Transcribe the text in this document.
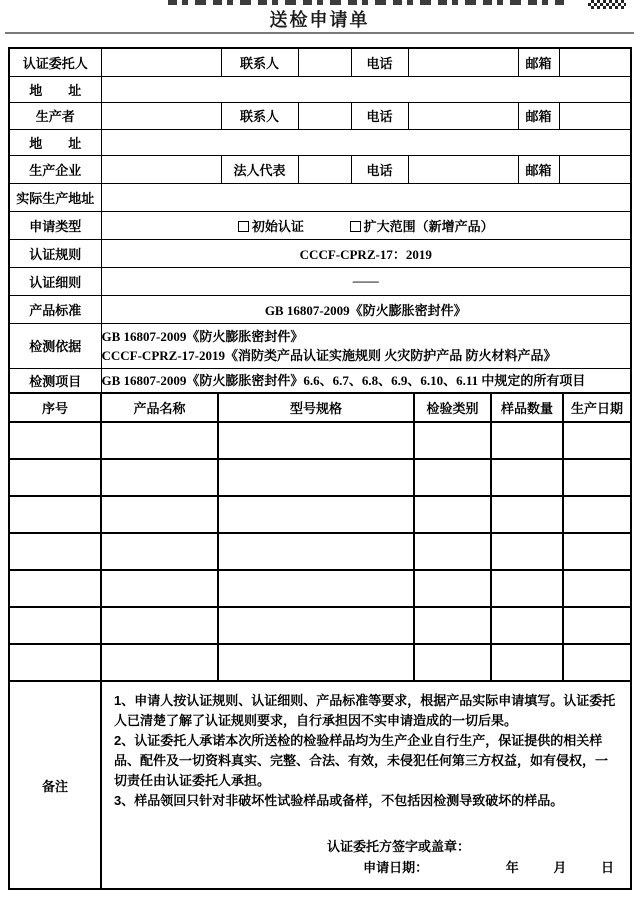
送检申请单
认证委托人		联系人		电话		邮箱	
地　　址							
生产者		联系人		电话		邮箱	
地　　址							
生产企业		法人代表		电话		邮箱	
实际生产地址							
申请类型	初始认证 扩大范围（新增产品）						
认证规则	CCCF-CPRZ-17：2019						
认证细则	——						
产品标准	GB 16807-2009《防火膨胀密封件》						
检测依据	GB 16807-2009《防火膨胀密封件》
CCCF-CPRZ-17-2019《消防类产品认证实施规则 火灾防护产品 防火材料产品》						

检测项目	GB 16807-2009《防火膨胀密封件》6.6、6.7、6.8、6.9、6.10、6.11 中规定的所有项目						
序号	产品名称	型号规格	检验类别	样品数量	生产日期

备注	1、申请人按认证规则、认证细则、产品标准等要求，根据产品实际申请填写。认证委托人已清楚了解了认证规则要求，自行承担因不实申请造成的一切后果。

2、认证委托人承诺本次所送检的检验样品均为生产企业自行生产，保证提供的相关样品、配件及一切资料真实、完整、合法、有效，未侵犯任何第三方权益，如有侵权，一切责任由认证委托人承担。

3、样品领回只针对非破坏性试验样品或备样，不包括因检测导致破坏的样品。

认证委托方签字或盖章：
申请日期： 年 月 日				
